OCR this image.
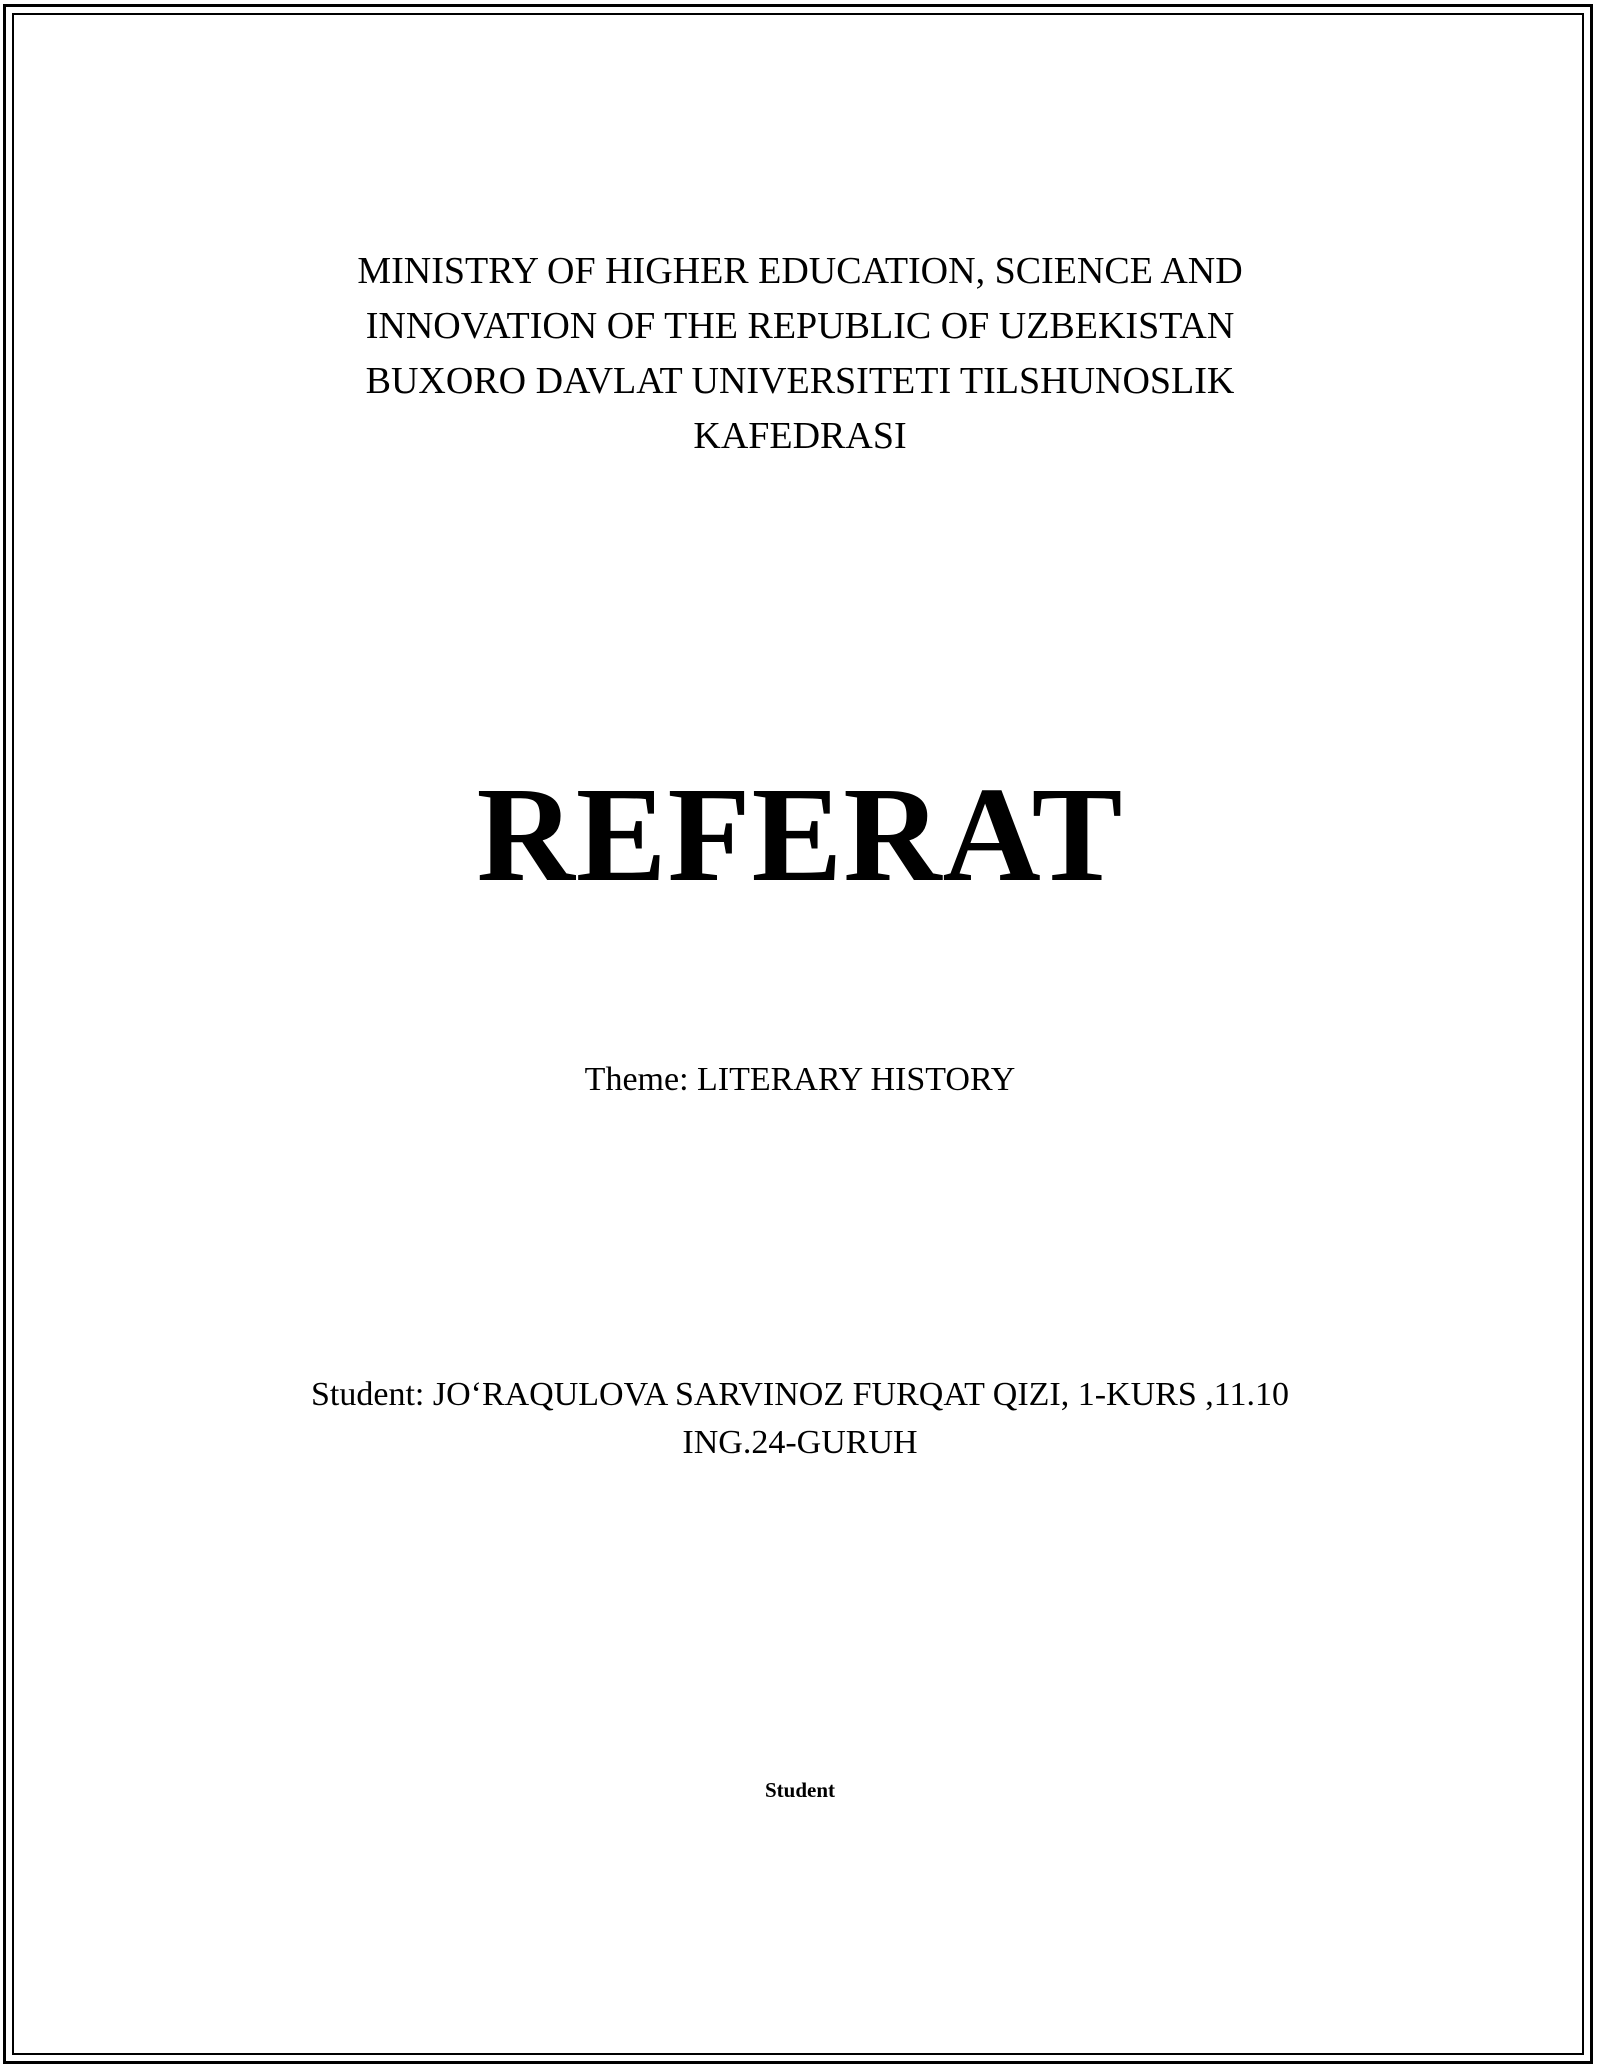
MINISTRY OF HIGHER EDUCATION, SCIENCE AND
INNOVATION OF THE REPUBLIC OF UZBEKISTAN
BUXORO DAVLAT UNIVERSITETI TILSHUNOSLIK
KAFEDRASI
REFERAT
Theme: LITERARY HISTORY
Student: JO‘RAQULOVA SARVINOZ FURQAT QIZI, 1-KURS ,11.10
ING.24-GURUH
Student
